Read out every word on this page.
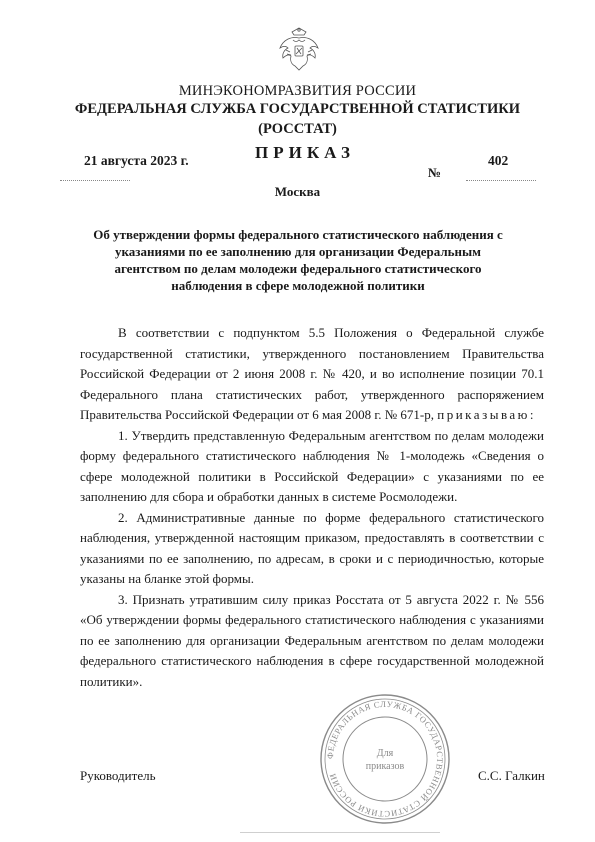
МИНЭКОНОМРАЗВИТИЯ РОССИИ
ФЕДЕРАЛЬНАЯ СЛУЖБА ГОСУДАРСТВЕННОЙ СТАТИСТИКИ
(РОССТАТ)
ПРИКАЗ
21 августа 2023 г.	402
№
Москва
Об утверждении формы федерального статистического наблюдения с указаниями по ее заполнению для организации Федеральным агентством по делам молодежи федерального статистического наблюдения в сфере молодежной политики

В соответствии с подпунктом 5.5 Положения о Федеральной службе государственной статистики, утвержденного постановлением Правительства Российской Федерации от 2 июня 2008 г. № 420, и во исполнение позиции 70.1 Федерального плана статистических работ, утвержденного распоряжением Правительства Российской Федерации от 6 мая 2008 г. № 671-р, приказываю:

1. Утвердить представленную Федеральным агентством по делам молодежи форму федерального статистического наблюдения № 1-молодежь «Сведения о сфере молодежной политики в Российской Федерации» с указаниями по ее заполнению для сбора и обработки данных в системе Росмолодежи.

2. Административные данные по форме федерального статистического наблюдения, утвержденной настоящим приказом, предоставлять в соответствии с указаниями по ее заполнению, по адресам, в сроки и с периодичностью, которые указаны на бланке этой формы.

3. Признать утратившим силу приказ Росстата от 5 августа 2022 г. № 556 «Об утверждении формы федерального статистического наблюдения с указаниями по ее заполнению для организации Федеральным агентством по делам молодежи федерального статистического наблюдения в сфере государственной молодежной политики».

Руководитель	С.С. Галкин
ФЕДЕРАЛЬНАЯ СЛУЖБА ГОСУДАРСТВЕННОЙ СТАТИСТИКИ РОССИИ
Для
приказов
